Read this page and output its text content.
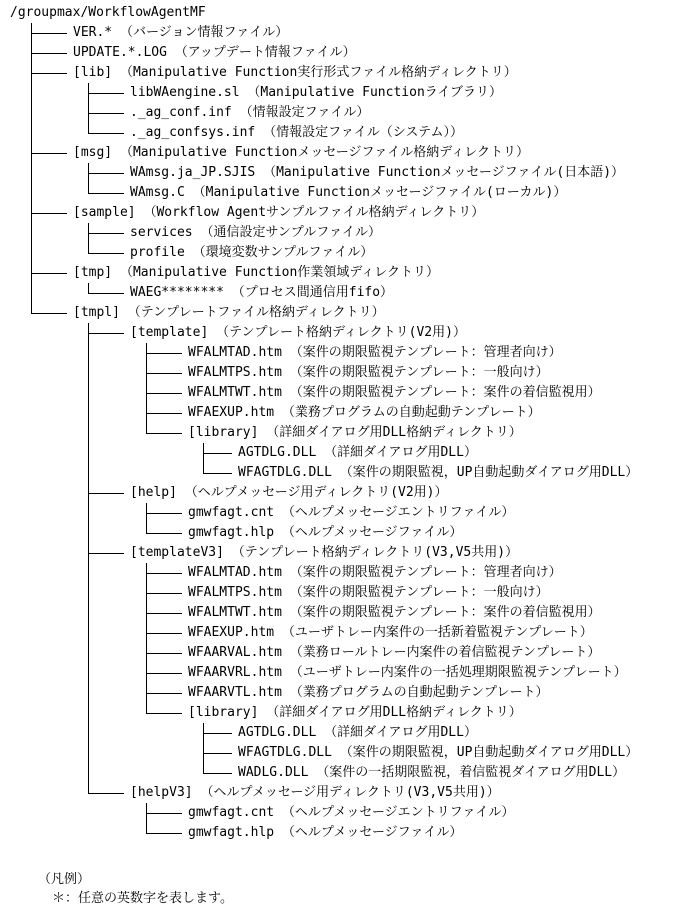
/groupmax/WorkflowAgentMF
VER.* （バージョン情報ファイル）
UPDATE.*.LOG （アップデート情報ファイル）
[lib] （Manipulative Function実行形式ファイル格納ディレクトリ）
libWAengine.sl （Manipulative Functionライブラリ）
._ag_conf.inf （情報設定ファイル）
._ag_confsys.inf （情報設定ファイル（システム））
[msg] （Manipulative Functionメッセージファイル格納ディレクトリ）
WAmsg.ja_JP.SJIS （Manipulative Functionメッセージファイル(日本語)）
WAmsg.C （Manipulative Functionメッセージファイル(ローカル)）
[sample] （Workflow Agentサンプルファイル格納ディレクトリ）
services （通信設定サンプルファイル）
profile （環境変数サンプルファイル）
[tmp] （Manipulative Function作業領域ディレクトリ）
WAEG******** （プロセス間通信用fifo）
[tmpl] （テンプレートファイル格納ディレクトリ）
[template] （テンプレート格納ディレクトリ(V2用)）
WFALMTAD.htm （案件の期限監視テンプレート：管理者向け）
WFALMTPS.htm （案件の期限監視テンプレート：一般向け）
WFALMTWT.htm （案件の期限監視テンプレート：案件の着信監視用）
WFAEXUP.htm （業務プログラムの自動起動テンプレート）
[library] （詳細ダイアログ用DLL格納ディレクトリ）
AGTDLG.DLL （詳細ダイアログ用DLL）
WFAGTDLG.DLL （案件の期限監視，UP自動起動ダイアログ用DLL）
[help] （ヘルプメッセージ用ディレクトリ(V2用)）
gmwfagt.cnt （ヘルプメッセージエントリファイル）
gmwfagt.hlp （ヘルプメッセージファイル）
[templateV3] （テンプレート格納ディレクトリ(V3,V5共用)）
WFALMTAD.htm （案件の期限監視テンプレート：管理者向け）
WFALMTPS.htm （案件の期限監視テンプレート：一般向け）
WFALMTWT.htm （案件の期限監視テンプレート：案件の着信監視用）
WFAEXUP.htm （ユーザトレー内案件の一括新着監視テンプレート）
WFAARVAL.htm （業務ロールトレー内案件の着信監視テンプレート）
WFAARVRL.htm （ユーザトレー内案件の一括処理期限監視テンプレート）
WFAARVTL.htm （業務プログラムの自動起動テンプレート）
[library] （詳細ダイアログ用DLL格納ディレクトリ）
AGTDLG.DLL （詳細ダイアログ用DLL）
WFAGTDLG.DLL （案件の期限監視，UP自動起動ダイアログ用DLL）
WADLG.DLL （案件の一括期限監視，着信監視ダイアログ用DLL）
[helpV3] （ヘルプメッセージ用ディレクトリ(V3,V5共用)）
gmwfagt.cnt （ヘルプメッセージエントリファイル）
gmwfagt.hlp （ヘルプメッセージファイル）
（凡例）
＊：任意の英数字を表します。
